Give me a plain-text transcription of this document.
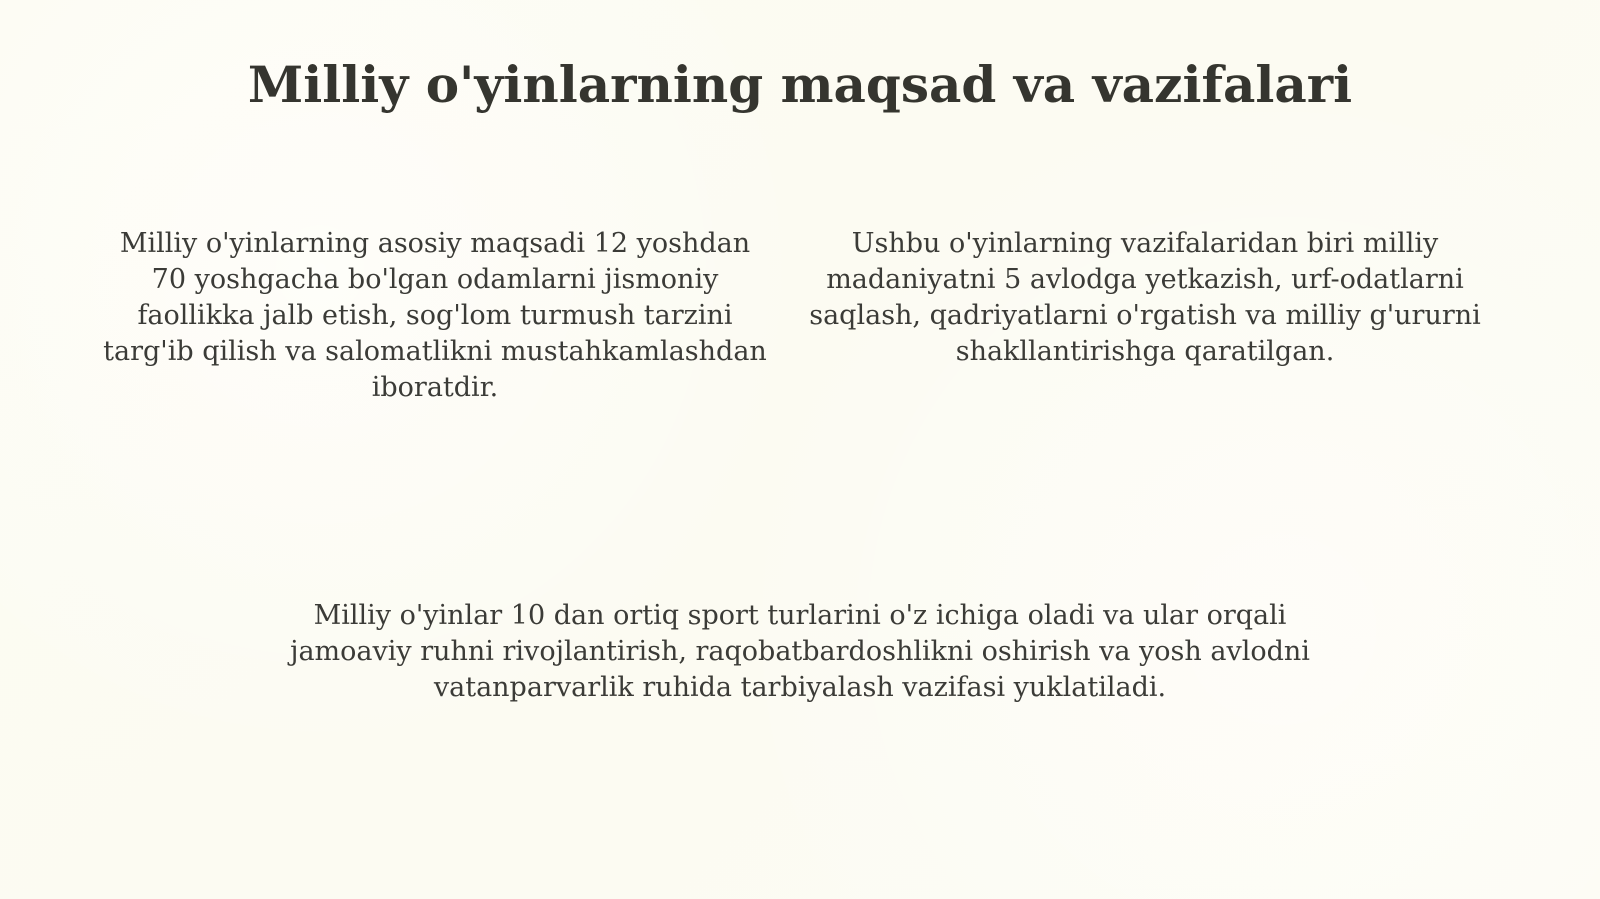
Milliy o'yinlarning maqsad va vazifalari

Milliy o'yinlarning asosiy maqsadi 12 yoshdan 70 yoshgacha bo'lgan odamlarni jismoniy faollikka jalb etish, sog'lom turmush tarzini targ'ib qilish va salomatlikni mustahkamlashdan iboratdir.

Ushbu o'yinlarning vazifalaridan biri milliy madaniyatni 5 avlodga yetkazish, urf-odatlarni saqlash, qadriyatlarni o'rgatish va milliy g'ururni shakllantirishga qaratilgan.

Milliy o'yinlar 10 dan ortiq sport turlarini o'z ichiga oladi va ular orqali jamoaviy ruhni rivojlantirish, raqobatbardoshlikni oshirish va yosh avlodni vatanparvarlik ruhida tarbiyalash vazifasi yuklatiladi.
